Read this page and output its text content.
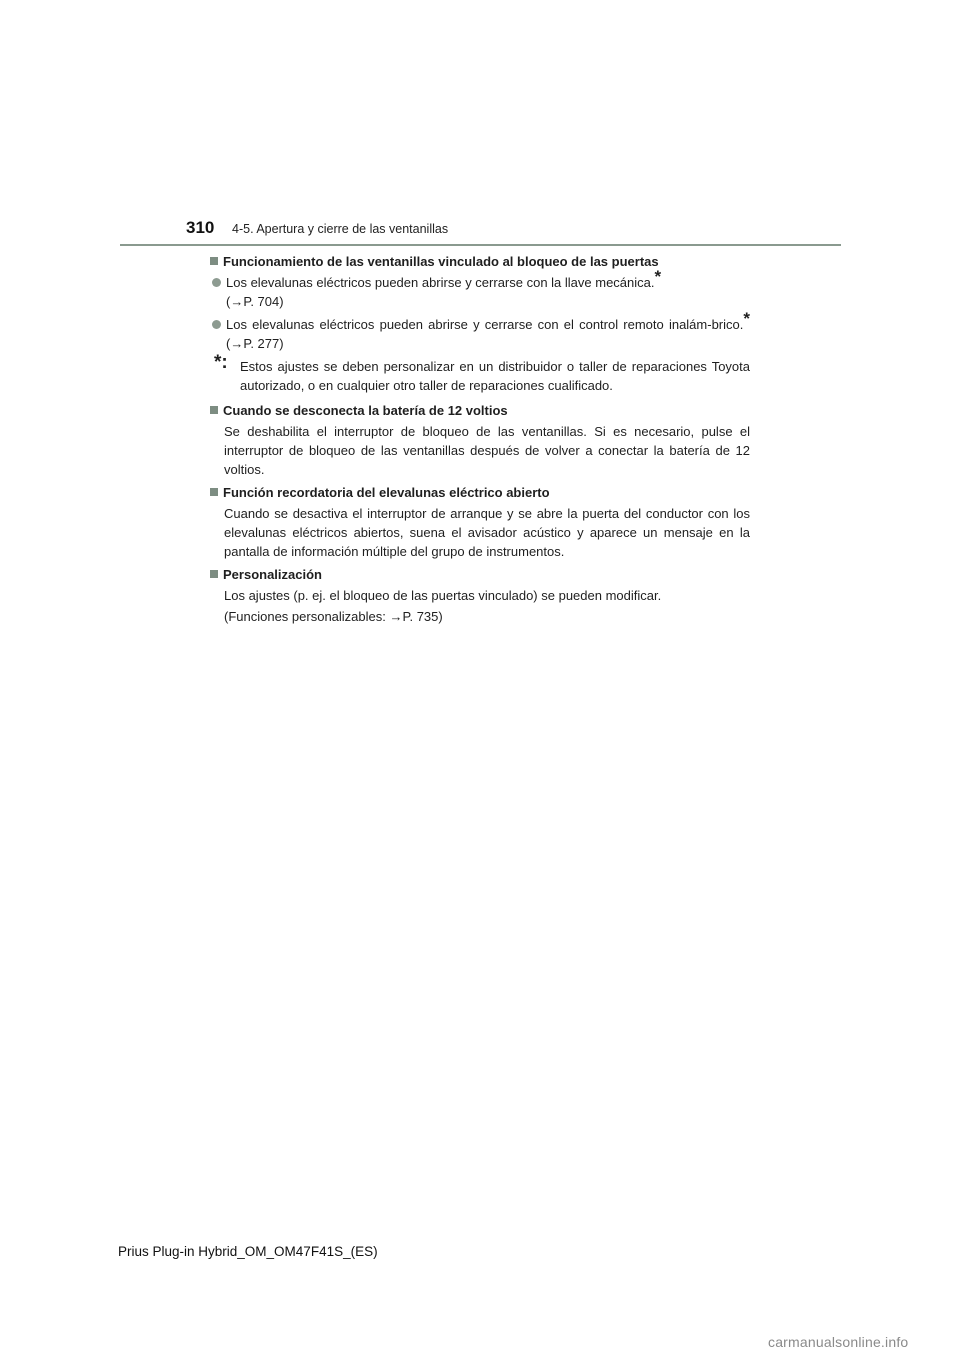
310 4-5. Apertura y cierre de las ventanillas
Funcionamiento de las ventanillas vinculado al bloqueo de las puertas
Los elevalunas eléctricos pueden abrirse y cerrarse con la llave mecánica.*
(→P. 704)
Los elevalunas eléctricos pueden abrirse y cerrarse con el control remoto inalám-brico.* (→P. 277)
*: Estos ajustes se deben personalizar en un distribuidor o taller de reparaciones Toyota autorizado, o en cualquier otro taller de reparaciones cualificado.
Cuando se desconecta la batería de 12 voltios
Se deshabilita el interruptor de bloqueo de las ventanillas. Si es necesario, pulse el interruptor de bloqueo de las ventanillas después de volver a conectar la batería de 12 voltios.
Función recordatoria del elevalunas eléctrico abierto
Cuando se desactiva el interruptor de arranque y se abre la puerta del conductor con los elevalunas eléctricos abiertos, suena el avisador acústico y aparece un mensaje en la pantalla de información múltiple del grupo de instrumentos.
Personalización
Los ajustes (p. ej. el bloqueo de las puertas vinculado) se pueden modificar.
(Funciones personalizables: →P. 735)
Prius Plug-in Hybrid_OM_OM47F41S_(ES)
carmanualsonline.info
